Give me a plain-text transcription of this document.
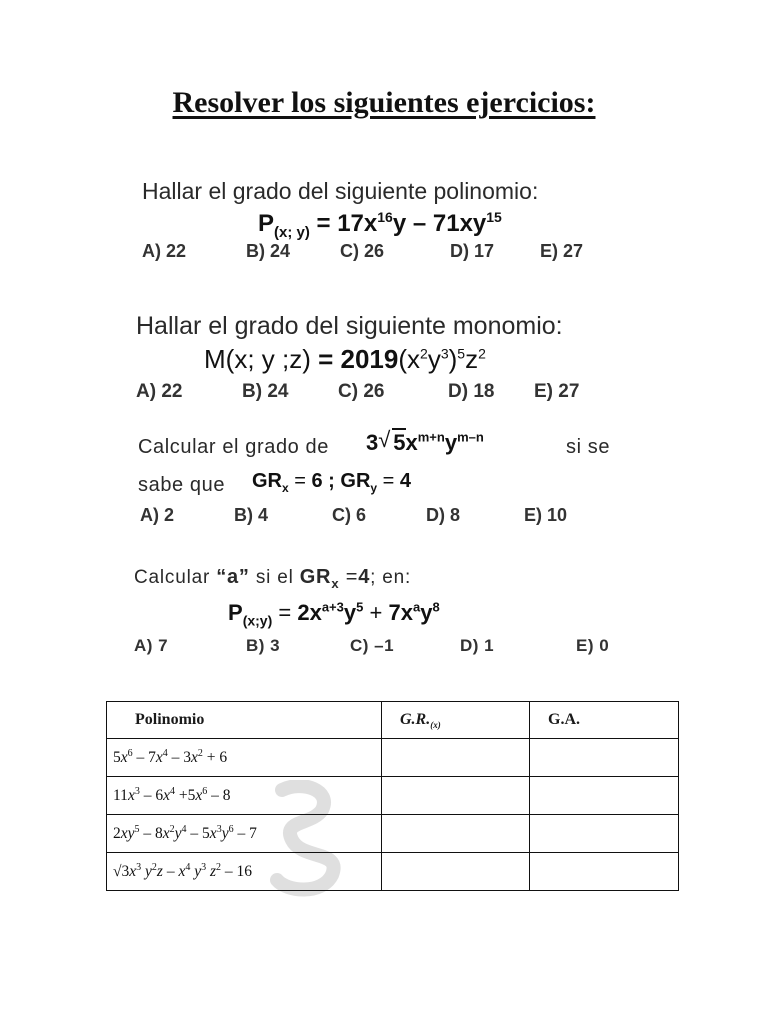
Resolver los siguientes ejercicios:
Hallar el grado del siguiente polinomio:
$P_{(x; y)} = 17x^{16}y - 71xy^{15}$
A) 22	B) 24	C) 26	D) 17	E) 27
Hallar el grado del siguiente monomio:
M(x; y ;z) = $2019(x^2y^3)^5z^2$
A) 22	B) 24	C) 26	D) 18	E) 27
Calcular el grado de 3 √ $5x^{m+n}y^{m-n}$	si se
sabe que $GR_x = 6$ ; $GR_y = 4$
A) 2	B) 4	C) 6	D) 8	E) 10
Calcular “a” si el $GR_x =4$; en:
$P_{(x;y)} = 2x^{a+3}y^5 + 7x^ay^8$
A) 7	B) 3	C) –1	D) 1	E) 0
Polinomio	$G.R._{(x)}$	G.A.
$5x^6 - 7x^4 - 3x^2 + 6$		
$11x^3 - 6x^4 +5x^6 - 8$		
$2xy^5 - 8x^2y^4 - 5x^3y^6 - 7$		
$√3x^3$ $y^2z - x^4$ $y^3$ $z^2 - 16$		
